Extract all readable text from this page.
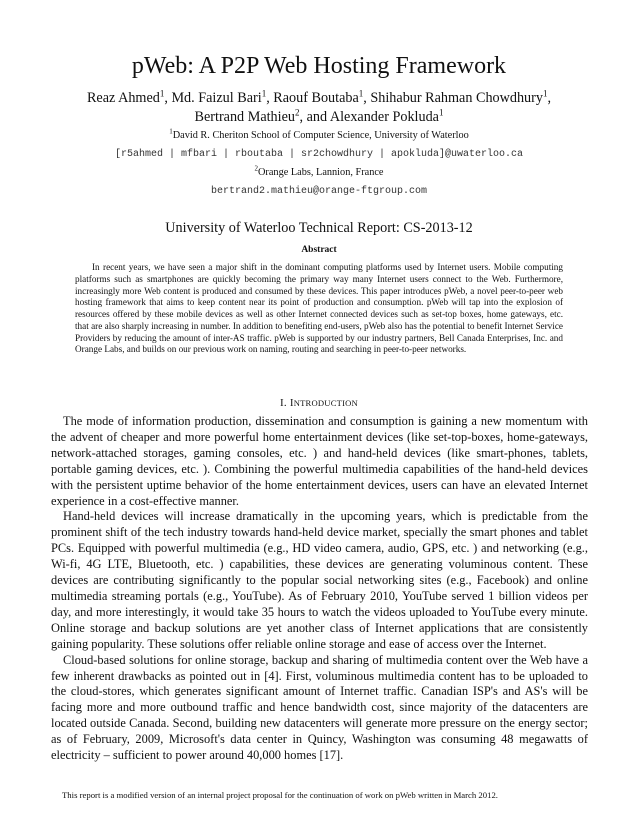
pWeb: A P2P Web Hosting Framework
Reaz Ahmed$^1$, Md. Faizul Bari$^1$, Raouf Boutaba$^1$, Shihabur Rahman Chowdhury$^1$,
Bertrand Mathieu$^2$, and Alexander Pokluda$^1$
$^1$David R. Cheriton School of Computer Science, University of Waterloo
[r5ahmed | mfbari | rboutaba | sr2chowdhury | apokluda]@uwaterloo.ca
$^2$Orange Labs, Lannion, France
bertrand2.mathieu@orange-ftgroup.com
University of Waterloo Technical Report: CS-2013-12
Abstract
In recent years, we have seen a major shift in the dominant computing platforms used by Internet users. Mobile computing platforms such as smartphones are quickly becoming the primary way many Internet users connect to the Web. Furthermore, increasingly more Web content is produced and consumed by these devices. This paper introduces pWeb, a novel peer-to-peer web hosting framework that aims to keep content near its point of production and consumption. pWeb will tap into the explosion of resources offered by these mobile devices as well as other Internet connected devices such as set-top boxes, home gateways, etc. that are also sharply increasing in number. In addition to benefiting end-users, pWeb also has the potential to benefit Internet Service Providers by reducing the amount of inter-AS traffic. pWeb is supported by our industry partners, Bell Canada Enterprises, Inc. and Orange Labs, and builds on our previous work on naming, routing and searching in peer-to-peer networks.
I. INTRODUCTION

The mode of information production, dissemination and consumption is gaining a new momentum with the advent of cheaper and more powerful home entertainment devices (like set-top-boxes, home-gateways, network-attached storages, gaming consoles, etc. ) and hand-held devices (like smart-phones, tablets, portable gaming devices, etc. ). Combining the powerful multimedia capabilities of the hand-held devices with the persistent uptime behavior of the home entertainment devices, users can have an elevated Internet experience in a cost-effective manner.

Hand-held devices will increase dramatically in the upcoming years, which is predictable from the prominent shift of the tech industry towards hand-held device market, specially the smart phones and tablet PCs. Equipped with powerful multimedia (e.g., HD video camera, audio, GPS, etc. ) and networking (e.g., Wi-fi, 4G LTE, Bluetooth, etc. ) capabilities, these devices are generating voluminous content. These devices are contributing significantly to the popular social networking sites (e.g., Facebook) and online multimedia streaming portals (e.g., YouTube). As of February 2010, YouTube served 1 billion videos per day, and more interestingly, it would take 35 hours to watch the videos uploaded to YouTube every minute. Online storage and backup solutions are yet another class of Internet applications that are consistently gaining popularity. These solutions offer reliable online storage and ease of access over the Internet.

Cloud-based solutions for online storage, backup and sharing of multimedia content over the Web have a few inherent drawbacks as pointed out in [4]. First, voluminous multimedia content has to be uploaded to the cloud-stores, which generates significant amount of Internet traffic. Canadian ISP's and AS's will be facing more and more outbound traffic and hence bandwidth cost, since majority of the datacenters are located outside Canada. Second, building new datacenters will generate more pressure on the energy sector; as of February, 2009, Microsoft's data center in Quincy, Washington was consuming 48 megawatts of electricity – sufficient to power around 40,000 homes [17].

This report is a modified version of an internal project proposal for the continuation of work on pWeb written in March 2012.
